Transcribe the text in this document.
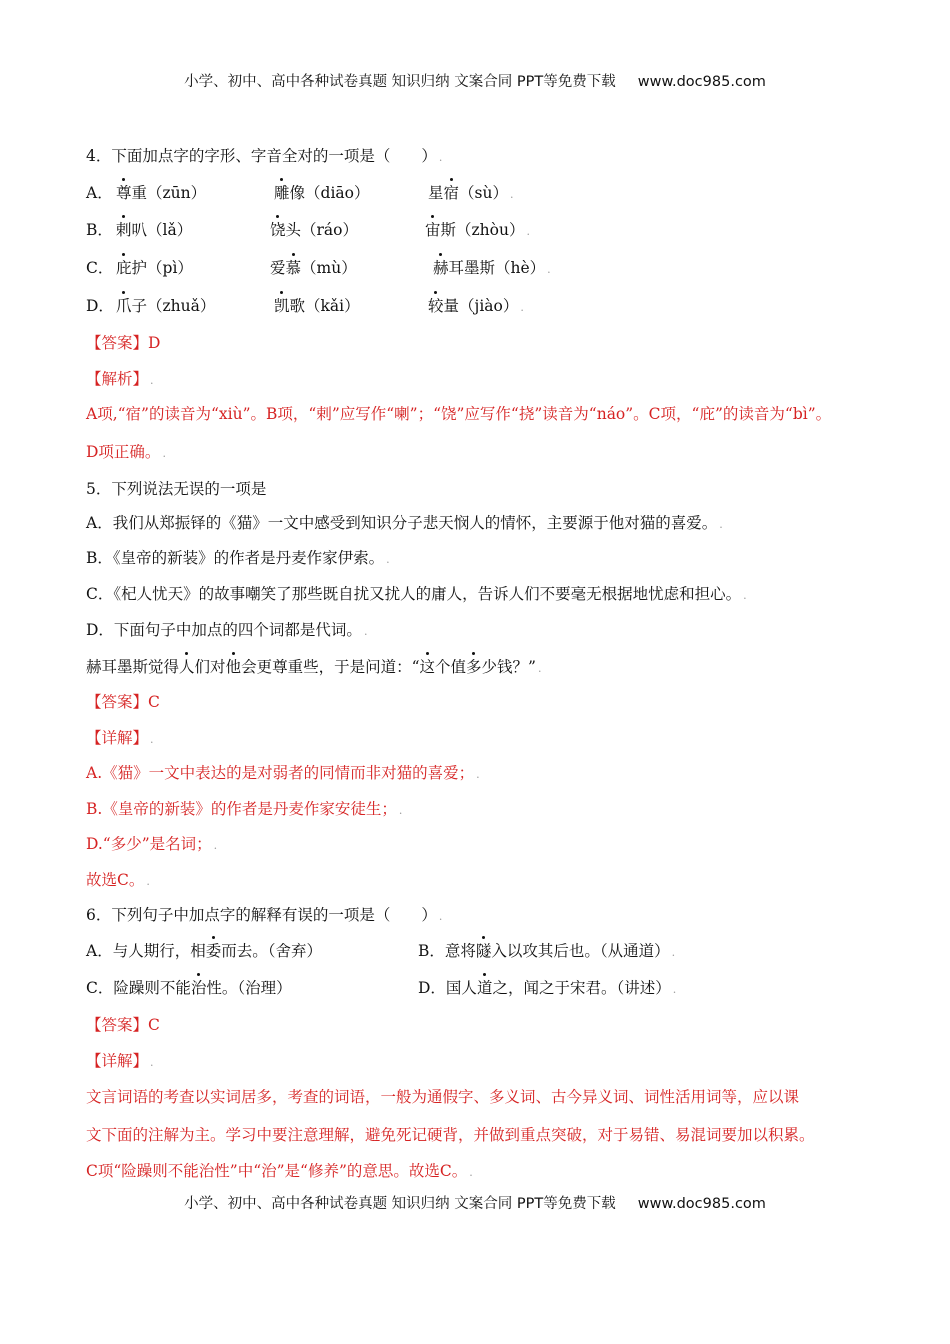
小学、初中、高中各种试卷真题 知识归纳 文案合同 PPT等免费下载 www.doc985.com
4．下面加点字的字形、字音全对的一项是（　　） .
A． 尊重（zūn）	雕像（diāo）	星宿（sù） .
B． 剌叭（lǎ）	饶头（ráo）	宙斯（zhòu） .
C． 庇护（pì）	爱慕（mù）	赫耳墨斯（hè） .
D． 爪子（zhuǎ）	凯歌（kǎi）	较量（jiào） .
【答案】D
【解析】 .
A项,“宿”的读音为“xiù”。B项，“剌”应写作“喇”；“饶”应写作“挠”读音为“náo”。C项，“庇”的读音为“bì”。
D项正确。 .
5．下列说法无误的一项是
A．我们从郑振铎的《猫》一文中感受到知识分子悲天悯人的情怀，主要源于他对猫的喜爱。 .
B．《皇帝的新装》的作者是丹麦作家伊索。 .
C．《杞人忧天》的故事嘲笑了那些既自扰又扰人的庸人，告诉人们不要毫无根据地忧虑和担心。 .
D．下面句子中加点的四个词都是代词。 .
赫耳墨斯觉得人们对他会更尊重些，于是问道：“这个值多少钱？” .
【答案】C
【详解】 .
A.《猫》一文中表达的是对弱者的同情而非对猫的喜爱； .
B.《皇帝的新装》的作者是丹麦作家安徒生； .
D.“多少”是名词； .
故选C。 .
6．下列句子中加点字的解释有误的一项是（　　） .
A．与人期行，相委而去。（舍弃）	B．意将隧入以攻其后也。（从通道） .
C．险躁则不能治性。（治理）	D．国人道之，闻之于宋君。（讲述） .
【答案】C
【详解】 .
文言词语的考查以实词居多，考查的词语，一般为通假字、多义词、古今异义词、词性活用词等，应以课
文下面的注解为主。学习中要注意理解，避免死记硬背，并做到重点突破，对于易错、易混词要加以积累。
C项“险躁则不能治性”中“治”是“修养”的意思。故选C。 .
小学、初中、高中各种试卷真题 知识归纳 文案合同 PPT等免费下载 www.doc985.com
